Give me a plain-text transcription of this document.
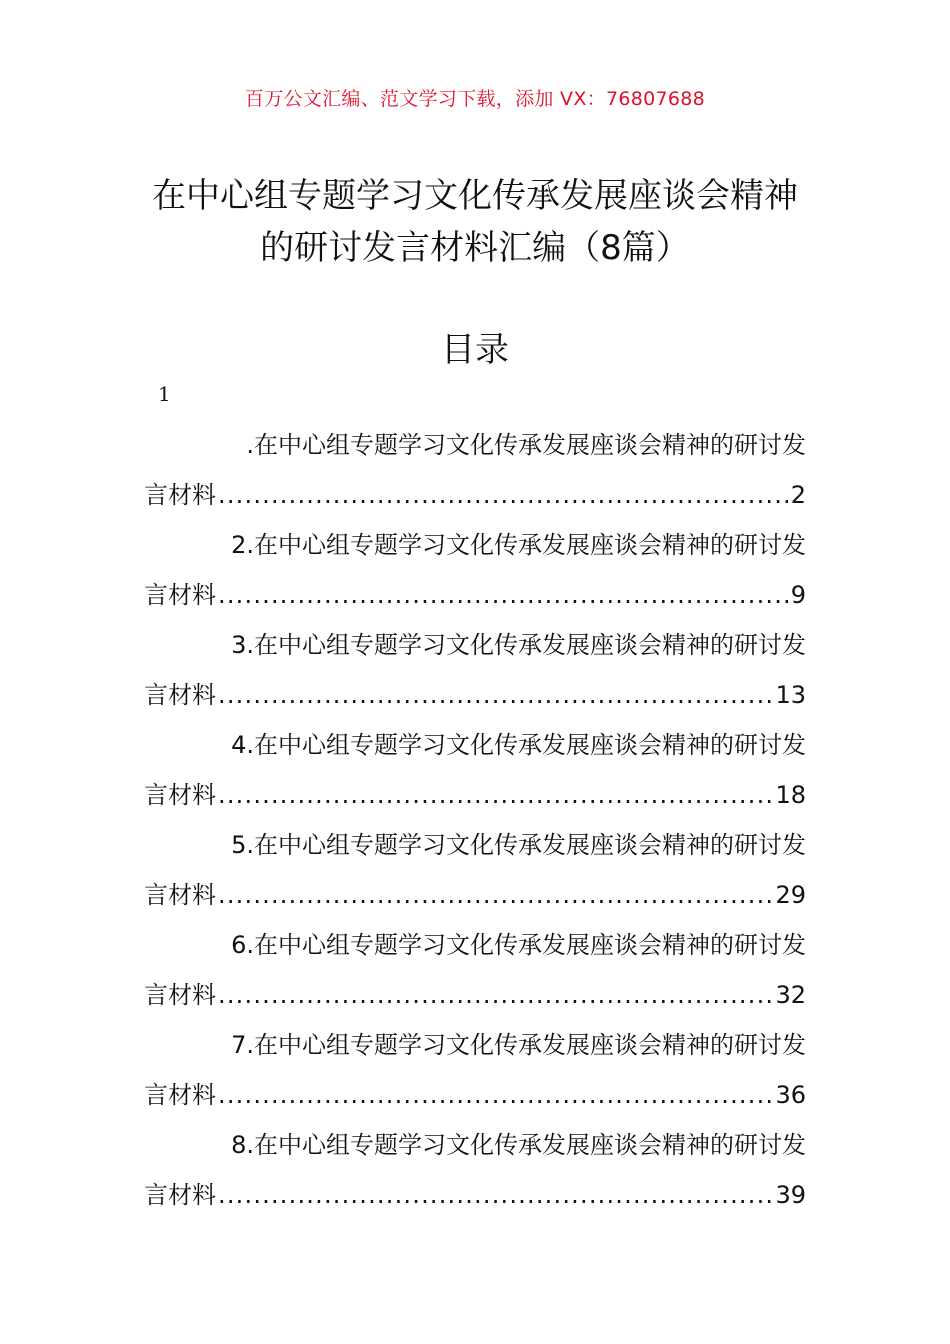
百万公文汇编、范文学习下载，添加 VX：76807688
在中心组专题学习文化传承发展座谈会精神的研讨发言材料汇编（8篇）
目录
1
.在中心组专题学习文化传承发展座谈会精神的研讨发
言材料 .....	2
2.在中心组专题学习文化传承发展座谈会精神的研讨发
言材料 .....	9
3.在中心组专题学习文化传承发展座谈会精神的研讨发
言材料 .....	13
4.在中心组专题学习文化传承发展座谈会精神的研讨发
言材料 .....	18
5.在中心组专题学习文化传承发展座谈会精神的研讨发
言材料 .....	29
6.在中心组专题学习文化传承发展座谈会精神的研讨发
言材料 .....	32
7.在中心组专题学习文化传承发展座谈会精神的研讨发
言材料 .....	36
8.在中心组专题学习文化传承发展座谈会精神的研讨发
言材料 .....	39
